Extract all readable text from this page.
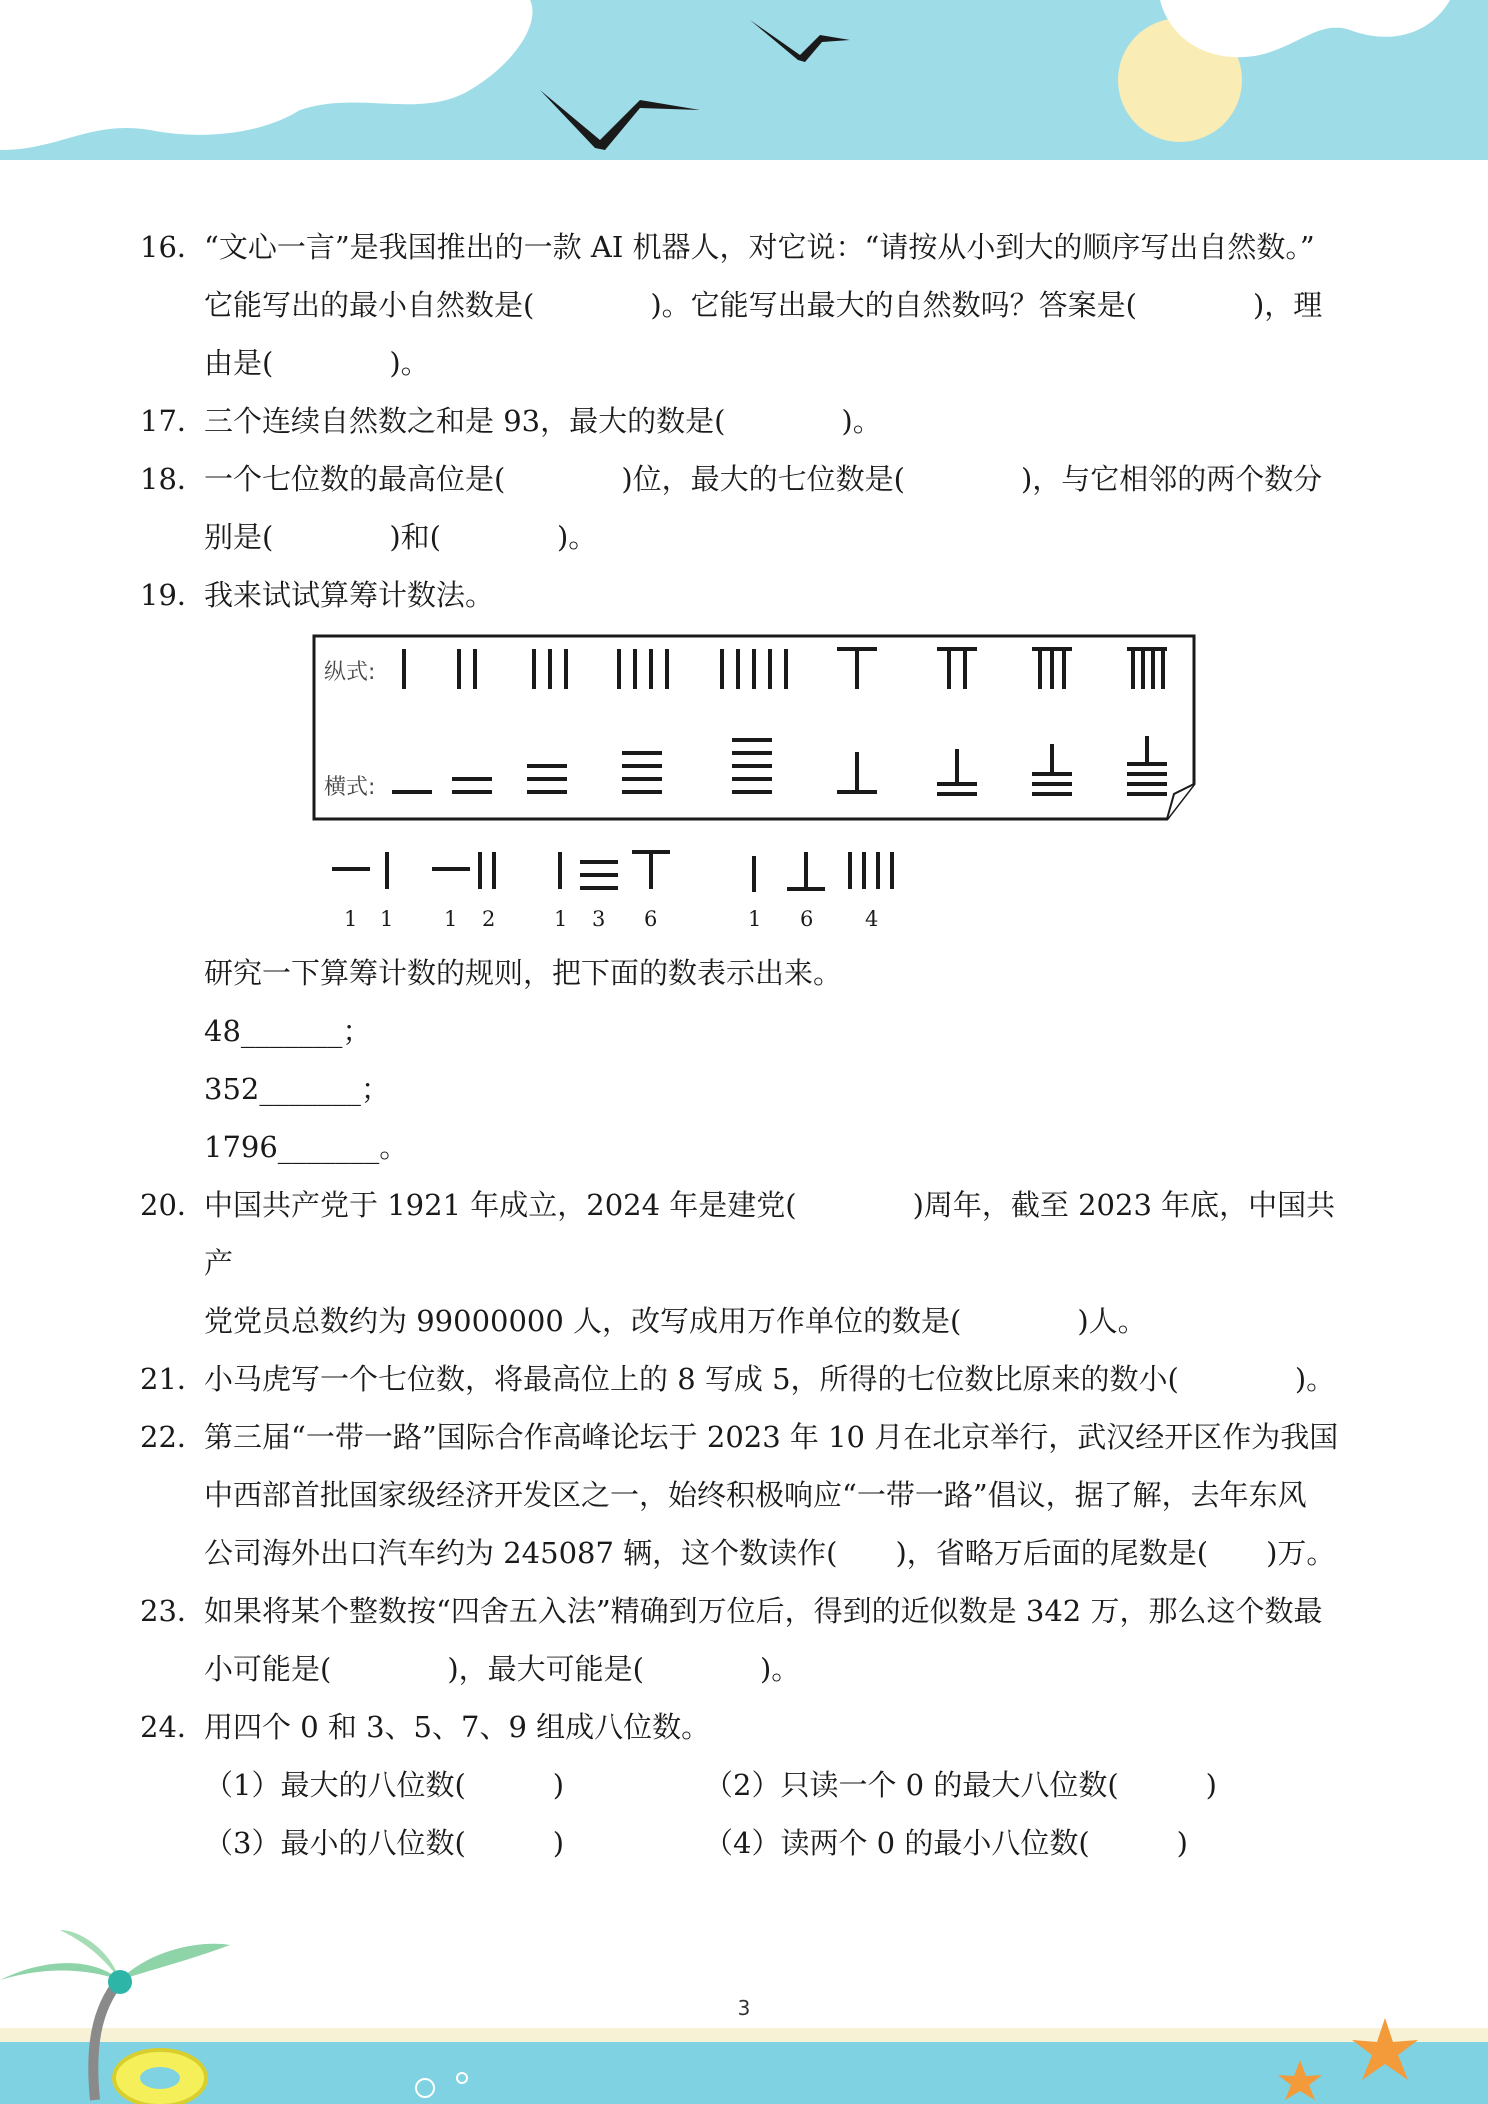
16．
“文心一言”是我国推出的一款 AI 机器人，对它说：“请按从小到大的顺序写出自然数。”
它能写出的最小自然数是(　　　　)。它能写出最大的自然数吗？答案是(　　　　)，理
由是(　　　　)。
17．
三个连续自然数之和是 93，最大的数是(　　　　)。
18．
一个七位数的最高位是(　　　　)位，最大的七位数是(　　　　)，与它相邻的两个数分
别是(　　　　)和(　　　　)。
19．
我来试试算筹计数法。
纵式:
横式:
1 1 1 2	1 3 6	1 6 4
研究一下算筹计数的规则，把下面的数表示出来。
48_______；
352_______；
1796_______。
20．
中国共产党于 1921 年成立，2024 年是建党(　　　　)周年，截至 2023 年底，中国共产
党党员总数约为 99000000 人，改写成用万作单位的数是(　　　　)人。
21．
小马虎写一个七位数，将最高位上的 8 写成 5，所得的七位数比原来的数小(　　　　)。
22．
第三届“一带一路”国际合作高峰论坛于 2023 年 10 月在北京举行，武汉经开区作为我国
中西部首批国家级经济开发区之一，始终积极响应“一带一路”倡议，据了解，去年东风
公司海外出口汽车约为 245087 辆，这个数读作(　　)，省略万后面的尾数是(　　)万。
23．
如果将某个整数按“四舍五入法”精确到万位后，得到的近似数是 342 万，那么这个数最
小可能是(　　　　)，最大可能是(　　　　)。
24．
用四个 0 和 3、5、7、9 组成八位数。
（1）最大的八位数(　　　)	（2）只读一个 0 的最大八位数(　　　)
（3）最小的八位数(　　　)	（4）读两个 0 的最小八位数(　　　)
3
